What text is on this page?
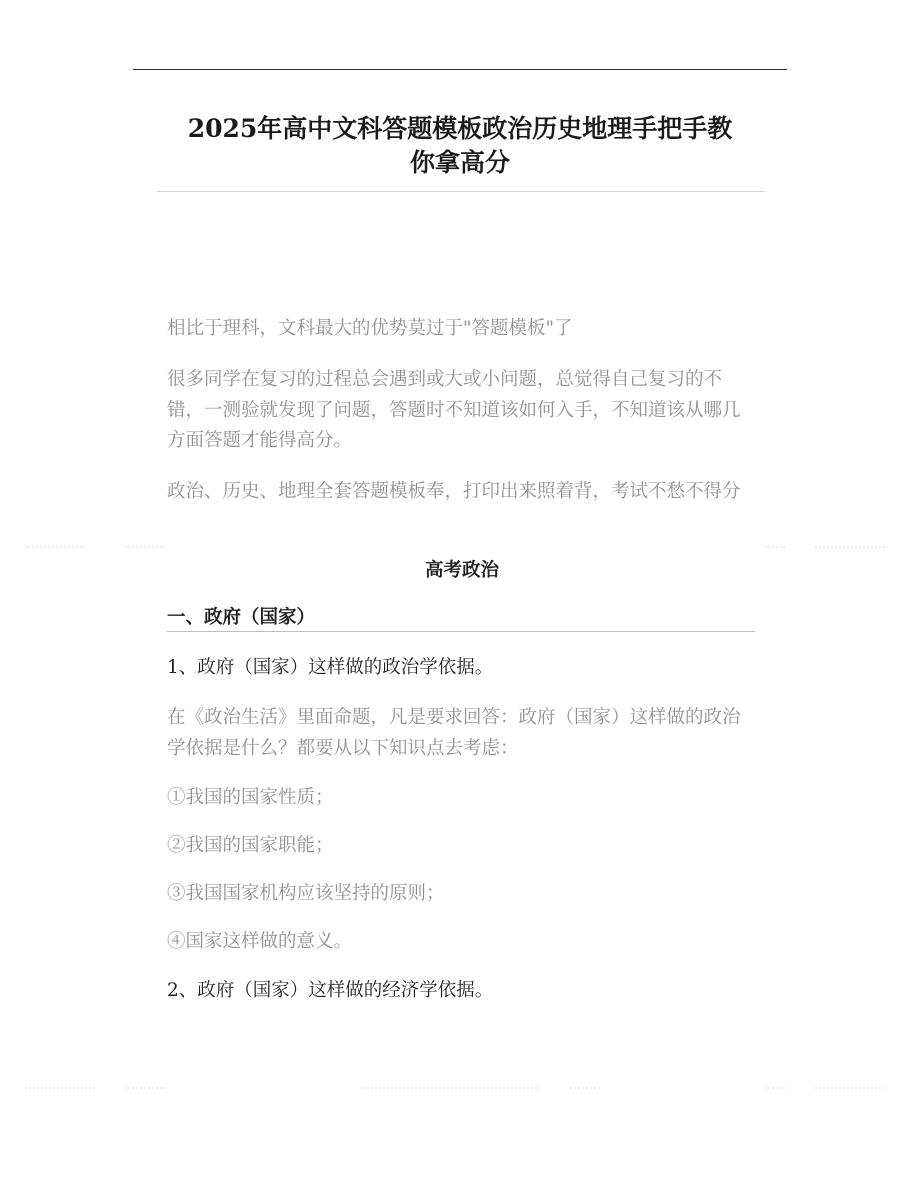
2025年高中文科答题模板政治历史地理手把手教
你拿高分

相比于理科，文科最大的优势莫过于"答题模板"了

很多同学在复习的过程总会遇到或大或小问题，总觉得自己复习的不错，一测验就发现了问题，答题时不知道该如何入手，不知道该从哪几方面答题才能得高分。

政治、历史、地理全套答题模板奉，打印出来照着背，考试不愁不得分

高考政治
一、政府（国家）

1、政府（国家）这样做的政治学依据。

在《政治生活》里面命题，凡是要求回答：政府（国家）这样做的政治学依据是什么？都要从以下知识点去考虑：

①我国的国家性质；

②我国的国家职能；

③我国国家机构应该坚持的原则；

④国家这样做的意义。

2、政府（国家）这样做的经济学依据。
